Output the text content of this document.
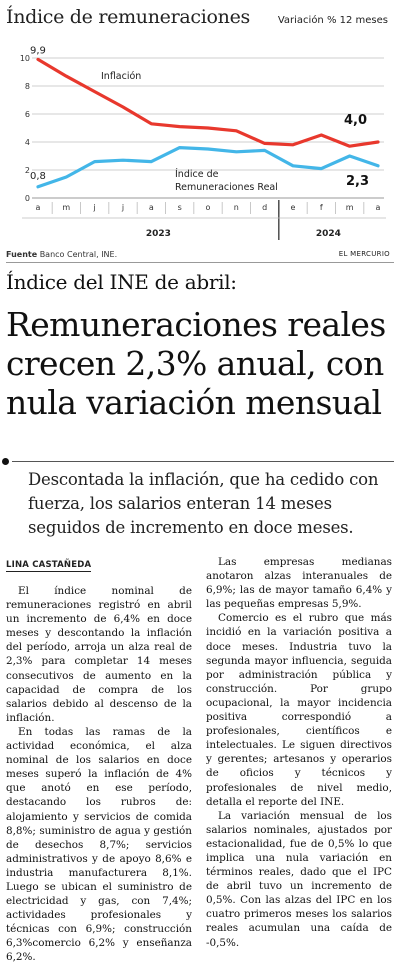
Índice de remuneraciones	Variación % 12 meses
0
2
4
6
8
10
a	m	j	j	a	s	o	n	d	e	f	m	a
2023	2024
Inflación
Índice de Remuneraciones Real
9,9
0,8
4,0
2,3
Fuente Banco Central, INE.	EL MERCURIO
Índice del INE de abril:
Remuneraciones reales crecen 2,3% anual, con nula variación mensual
Descontada la inflación, que ha cedido con fuerza, los salarios enteran 14 meses seguidos de incremento en doce meses.
LINA CASTAÑEDA

El índice nominal de remuneraciones registró en abril un incremento de 6,4% en doce meses y descontando la inflación del período, arroja un alza real de 2,3% para completar 14 meses consecutivos de aumento en la capacidad de compra de los salarios debido al descenso de la inflación.

En todas las ramas de la actividad económica, el alza nominal de los salarios en doce meses superó la inflación de 4% que anotó en ese período, destacando los rubros de: alojamiento y servicios de comida 8,8%; suministro de agua y gestión de desechos 8,7%; servicios administrativos y de apoyo 8,6% e industria manufacturera 8,1%. Luego se ubican el suministro de electricidad y gas, con 7,4%; actividades profesionales y técnicas con 6,9%; construcción 6,3%comercio 6,2% y enseñanza 6,2%.

Las empresas medianas anotaron alzas interanuales de 6,9%; las de mayor tamaño 6,4% y las pequeñas empresas 5,9%.

Comercio es el rubro que más incidió en la variación positiva a doce meses. Industria tuvo la segunda mayor influencia, seguida por administración pública y construcción. Por grupo ocupacional, la mayor incidencia positiva correspondió a profesionales, científicos e intelectuales. Le siguen directivos y gerentes; artesanos y operarios de oficios y técnicos y profesionales de nivel medio, detalla el reporte del INE.

La variación mensual de los salarios nominales, ajustados por estacionalidad, fue de 0,5% lo que implica una nula variación en términos reales, dado que el IPC de abril tuvo un incremento de 0,5%. Con las alzas del IPC en los cuatro primeros meses los salarios reales acumulan una caída de -0,5%.
